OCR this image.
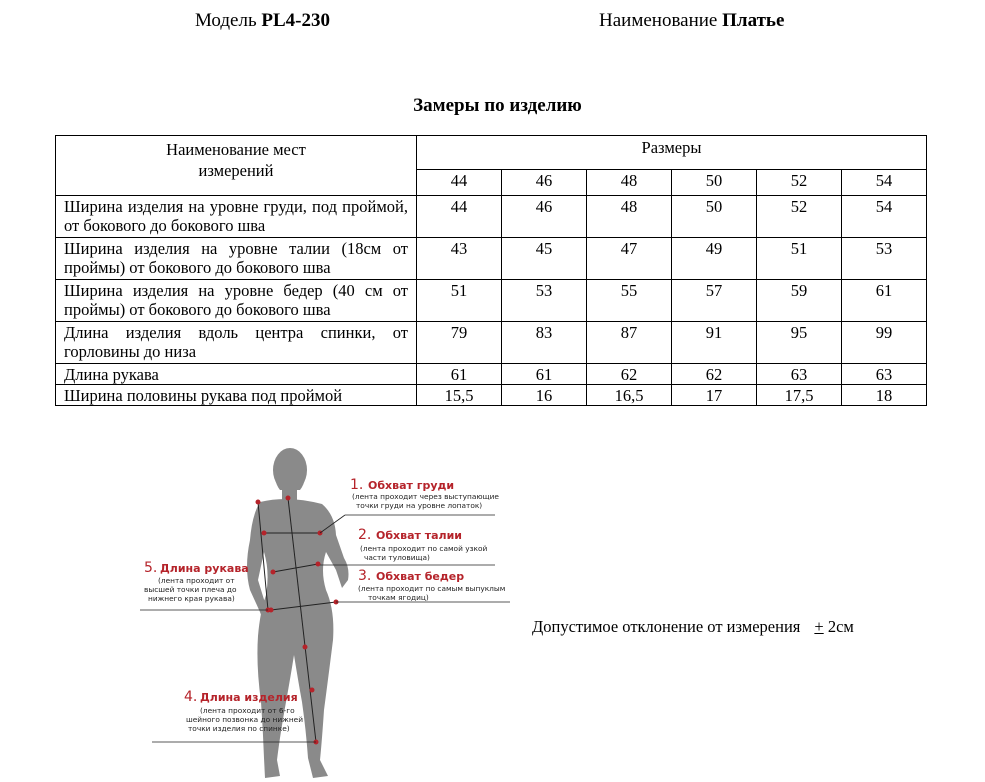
Модель PL4-230	Наименование Платье
Замеры по изделию
Наименование мест измерений	Размеры					
	44	46	48	50	52	54
Ширина изделия на уровне груди, под проймой, от бокового до бокового шва	44	46	48	50	52	54
Ширина изделия на уровне талии (18см от проймы) от бокового до бокового шва	43	45	47	49	51	53
Ширина изделия на уровне бедер (40 см от проймы) от бокового до бокового шва	51	53	55	57	59	61
Длина изделия вдоль центра спинки, от горловины до низа	79	83	87	91	95	99
Длина рукава	61	61	62	62	63	63
Ширина половины рукава под проймой	15,5	16	16,5	17	17,5	18
1. Обхват груди
(лента проходит через выступающие
точки груди на уровне лопаток)
2. Обхват талии
(лента проходит по самой узкой
части туловища)
3. Обхват бедер
(лента проходит по самым выпуклым
точкам ягодиц)
5. Длина рукава
(лента проходит от
высшей точки плеча до
нижнего края рукава)
4. Длина изделия
(лента проходит от 6-го
шейного позвонка до нижней
точки изделия по спинке)
Допустимое отклонение от измерения + 2см
